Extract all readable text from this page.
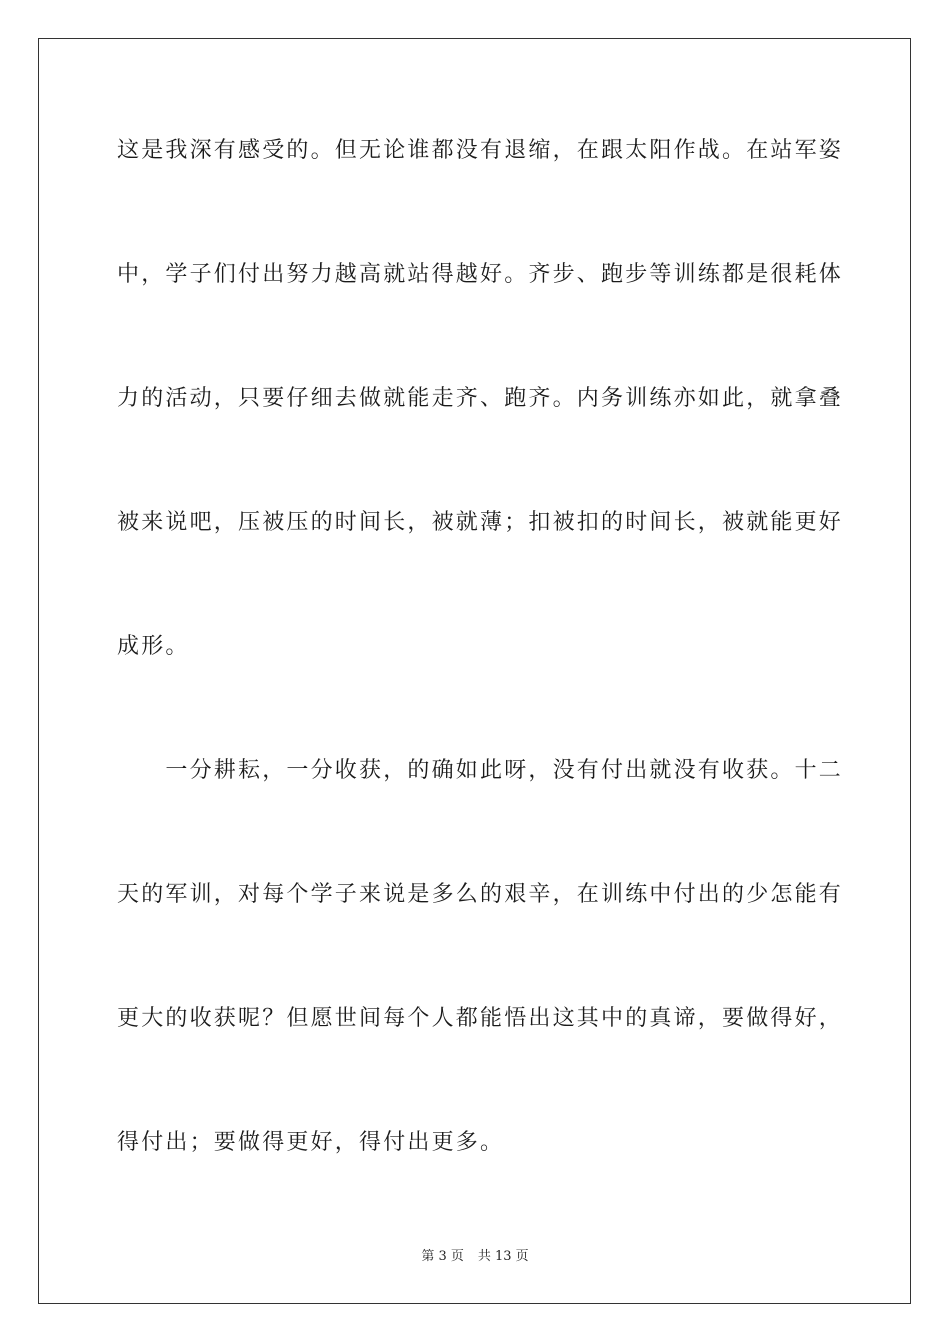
这是我深有感受的。但无论谁都没有退缩，在跟太阳作战。在站军姿
中，学子们付出努力越高就站得越好。齐步、跑步等训练都是很耗体
力的活动，只要仔细去做就能走齐、跑齐。内务训练亦如此，就拿叠
被来说吧，压被压的时间长，被就薄；扣被扣的时间长，被就能更好
成形。
　　一分耕耘，一分收获，的确如此呀，没有付出就没有收获。十二
天的军训，对每个学子来说是多么的艰辛，在训练中付出的少怎能有
更大的收获呢？但愿世间每个人都能悟出这其中的真谛，要做得好，
得付出；要做得更好，得付出更多。
第 3 页 共 13 页
